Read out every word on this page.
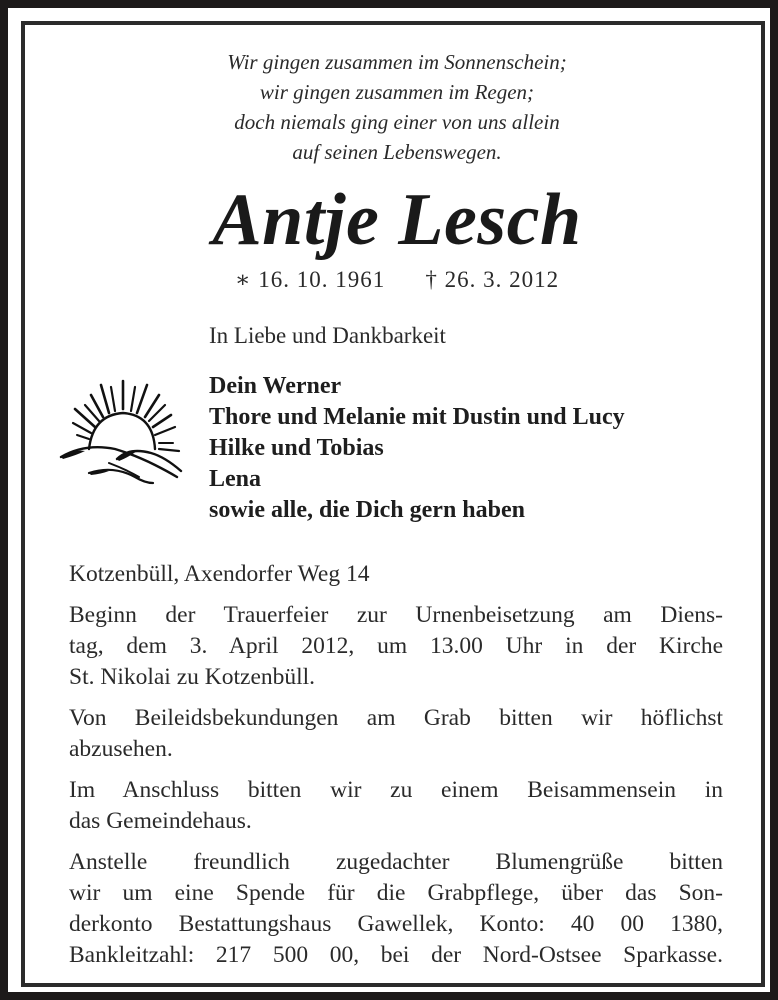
Wir gingen zusammen im Sonnenschein;
wir gingen zusammen im Regen;
doch niemals ging einer von uns allein
auf seinen Lebenswegen.
Antje Lesch
∗ 16. 10. 1961 † 26. 3. 2012
In Liebe und Dankbarkeit
Dein Werner
Thore und Melanie mit Dustin und Lucy
Hilke und Tobias
Lena
sowie alle, die Dich gern haben

Kotzenbüll, Axendorfer Weg 14

Beginn der Trauerfeier zur Urnenbeisetzung am Diens-
tag, dem 3. April 2012, um 13.00 Uhr in der Kirche
St. Nikolai zu Kotzenbüll.

Von Beileidsbekundungen am Grab bitten wir höflichst
abzusehen.

Im Anschluss bitten wir zu einem Beisammensein in
das Gemeindehaus.

Anstelle freundlich zugedachter Blumengrüße bitten
wir um eine Spende für die Grabpflege, über das Son-
derkonto Bestattungshaus Gawellek, Konto: 40 00 1380,
Bankleitzahl: 217 500 00, bei der Nord-Ostsee Sparkasse.
